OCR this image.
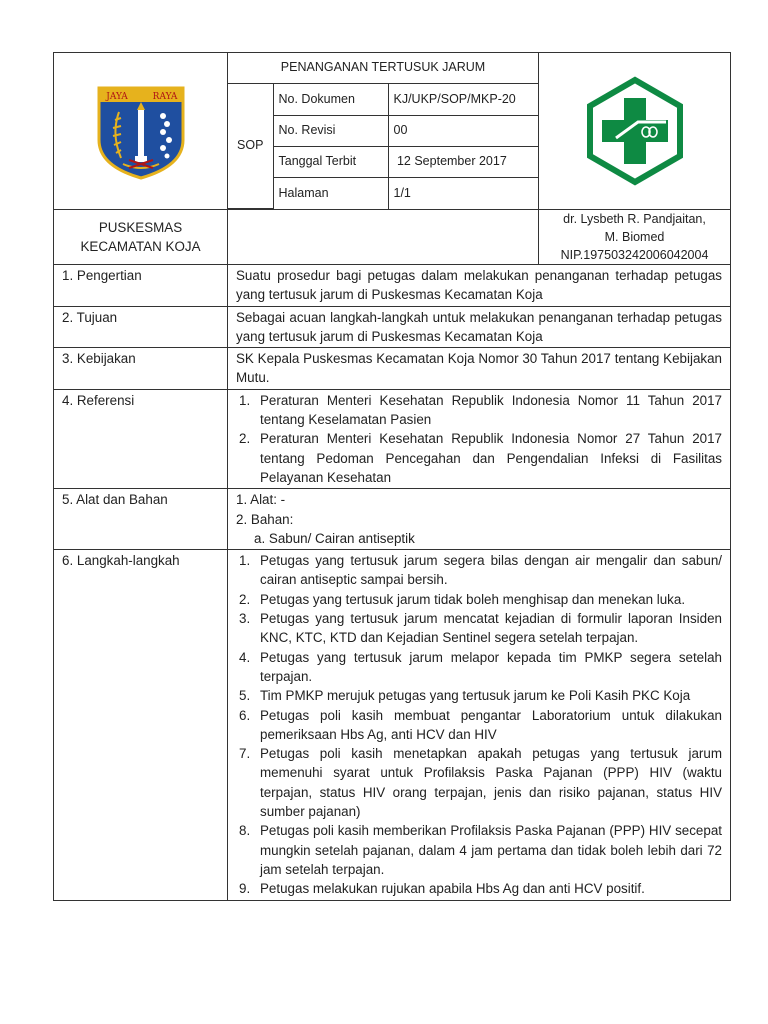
JAYA	RAYA

PENANGANAN TERTUSUK JARUM
SOP	No. Dokumen	KJ/UKP/SOP/MKP-20
No. Revisi	00
Tanggal Terbit	12 September 2017
Halaman	1/1

PUSKESMAS
KECAMATAN KOJA

dr. Lysbeth R. Pandjaitan,
M. Biomed
NIP.197503242006042004

1. Pengertian	Suatu prosedur bagi petugas dalam melakukan penanganan terhadap petugas yang tertusuk jarum di Puskesmas Kecamatan Koja
2. Tujuan	Sebagai acuan langkah-langkah untuk melakukan penanganan terhadap petugas yang tertusuk jarum di Puskesmas Kecamatan Koja
3. Kebijakan	SK Kepala Puskesmas Kecamatan Koja Nomor 30 Tahun 2017 tentang Kebijakan Mutu.
4. Referensi	1. Peraturan Menteri Kesehatan Republik Indonesia Nomor 11 Tahun 2017 tentang Keselamatan Pasien
2. Peraturan Menteri Kesehatan Republik Indonesia Nomor 27 Tahun 2017 tentang Pedoman Pencegahan dan Pengendalian Infeksi di Fasilitas Pelayanan Kesehatan

5. Alat dan Bahan	1. Alat: -
2. Bahan:
a. Sabun/ Cairan antiseptik

6. Langkah-langkah	1. Petugas yang tertusuk jarum segera bilas dengan air mengalir dan sabun/ cairan antiseptic sampai bersih.
2. Petugas yang tertusuk jarum tidak boleh menghisap dan menekan luka.
3. Petugas yang tertusuk jarum mencatat kejadian di formulir laporan Insiden KNC, KTC, KTD dan Kejadian Sentinel segera setelah terpajan.
4. Petugas yang tertusuk jarum melapor kepada tim PMKP segera setelah terpajan.
5. Tim PMKP merujuk petugas yang tertusuk jarum ke Poli Kasih PKC Koja
6. Petugas poli kasih membuat pengantar Laboratorium untuk dilakukan pemeriksaan Hbs Ag, anti HCV dan HIV
7. Petugas poli kasih menetapkan apakah petugas yang tertusuk jarum memenuhi syarat untuk Profilaksis Paska Pajanan (PPP) HIV (waktu terpajan, status HIV orang terpajan, jenis dan risiko pajanan, status HIV sumber pajanan)
8. Petugas poli kasih memberikan Profilaksis Paska Pajanan (PPP) HIV secepat mungkin setelah pajanan, dalam 4 jam pertama dan tidak boleh lebih dari 72 jam setelah terpajan.
9. Petugas melakukan rujukan apabila Hbs Ag dan anti HCV positif.
